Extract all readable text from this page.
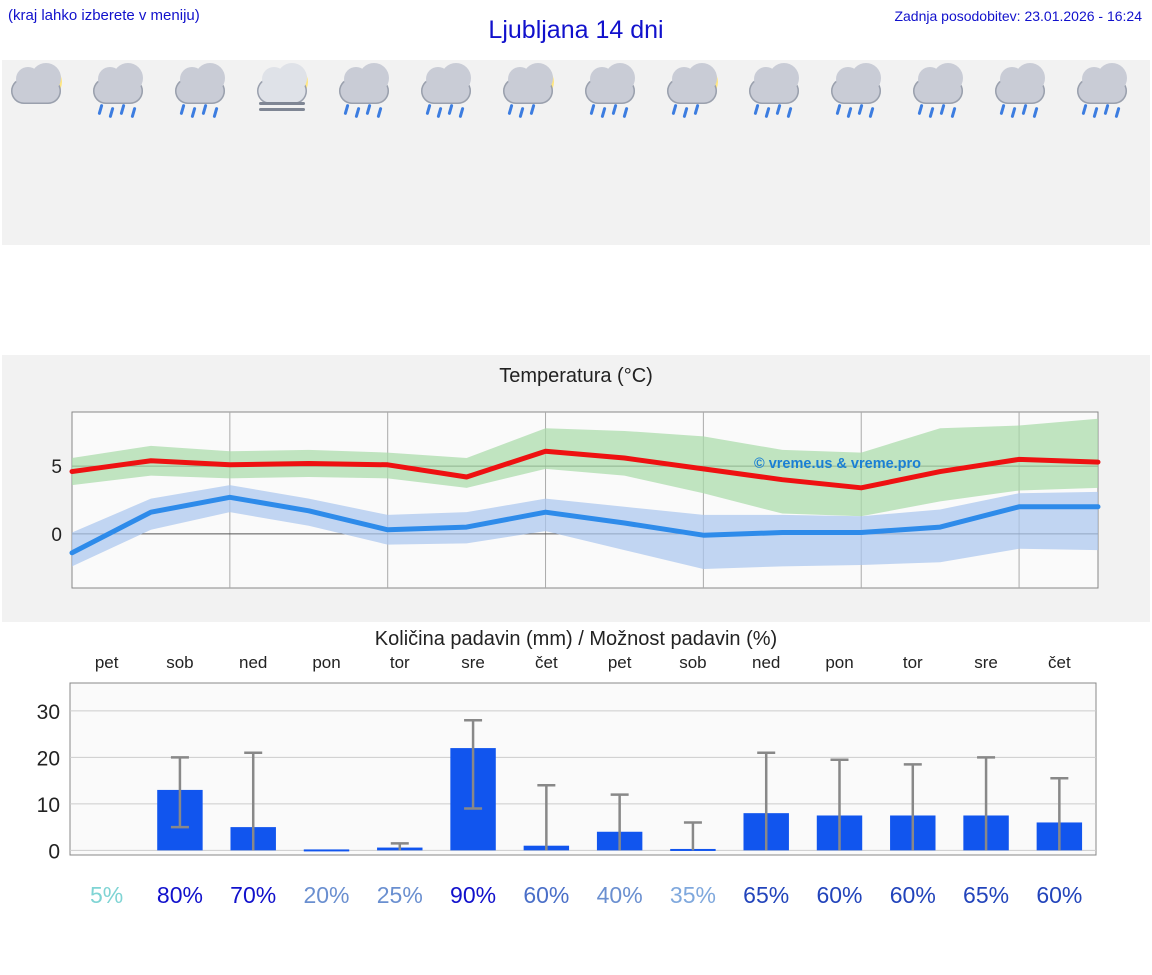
(kraj lahko izberete v meniju)
Ljubljana 14 dni	Zadnja posodobitev: 23.01.2026 - 16:24
Temperatura (°C)
0
5	© vreme.us & vreme.pro
Količina padavin (mm) / Možnost padavin (%)
pet	sob	ned	pon	tor	sre	čet	pet	sob	ned	pon	tor	sre	čet
0
10
20
30
5% 80% 70% 20% 25% 90% 60% 40% 35% 65% 60% 60% 65% 60%
